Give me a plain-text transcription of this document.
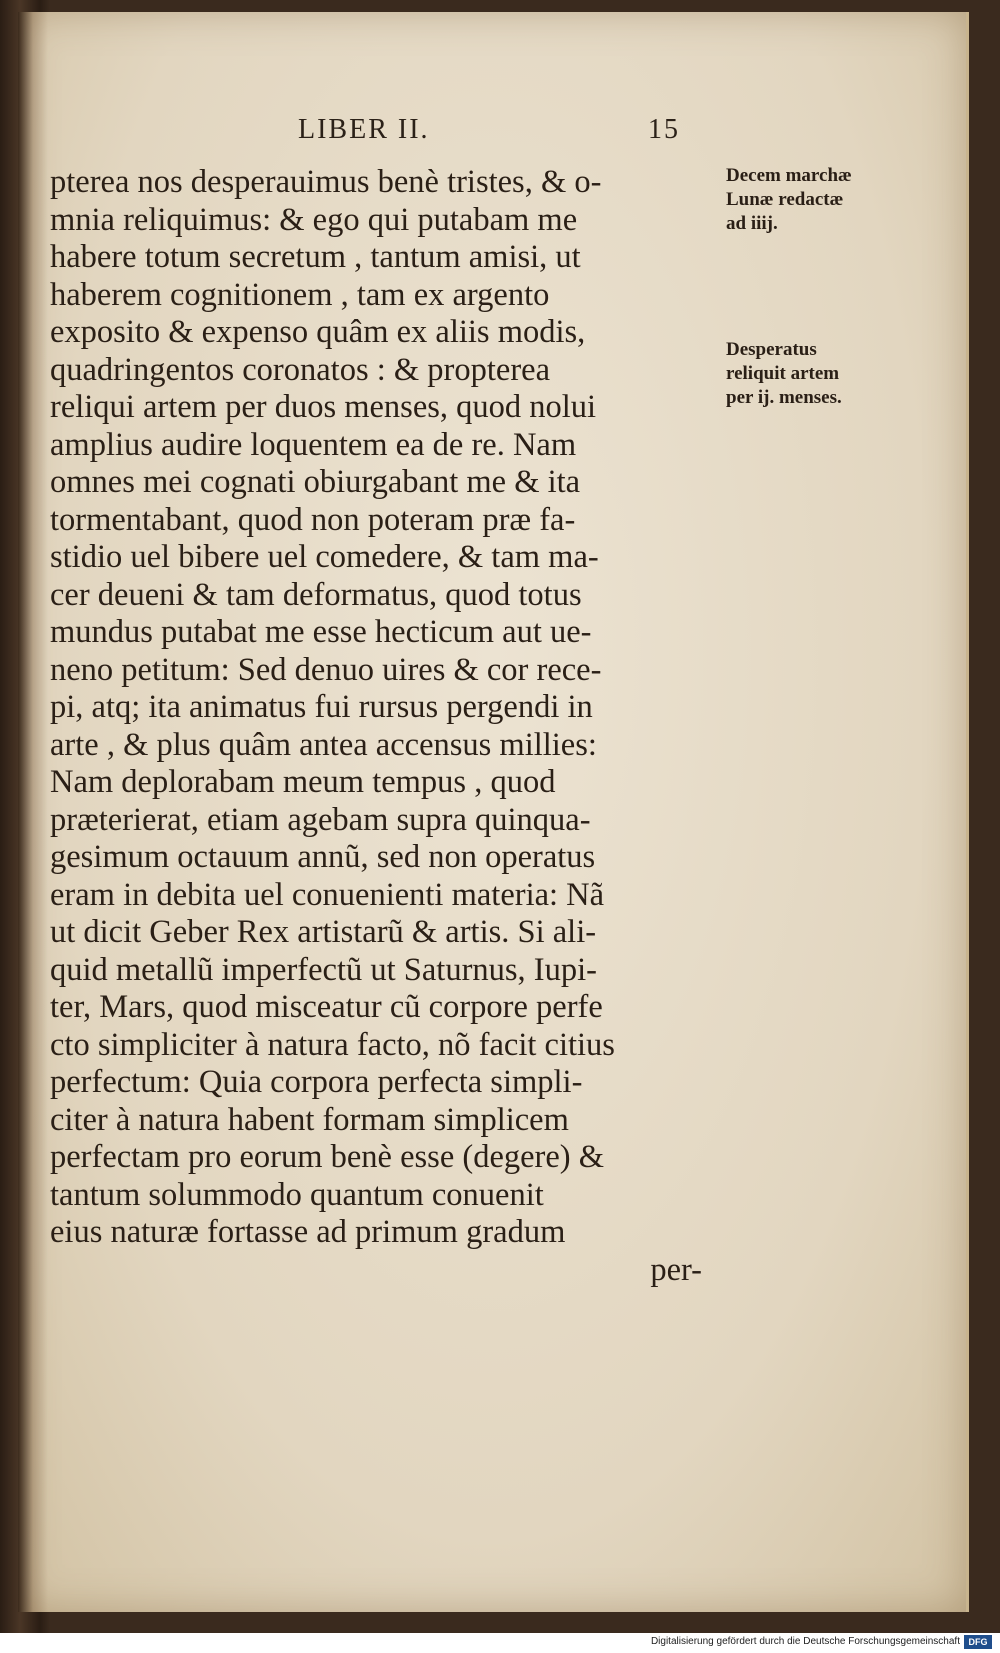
LIBER II.	15
pterea nos desperauimus benè tristes, & o-
mnia reliquimus: & ego qui putabam me
habere totum secretum , tantum amisi, ut
haberem cognitionem , tam ex argento
exposito & expenso quâm ex aliis modis,
quadringentos coronatos : & propterea
reliqui artem per duos menses, quod nolui
amplius audire loquentem ea de re. Nam
omnes mei cognati obiurgabant me & ita
tormentabant, quod non poteram præ fa-
stidio uel bibere uel comedere, & tam ma-
cer deueni & tam deformatus, quod totus
mundus putabat me esse hecticum aut ue-
neno petitum: Sed denuo uires & cor rece-
pi, atq; ita animatus fui rursus pergendi in
arte , & plus quâm antea accensus millies:
Nam deplorabam meum tempus , quod
præterierat, etiam agebam supra quinqua-
gesimum octauum annũ, sed non operatus
eram in debita uel conuenienti materia: Nã
ut dicit Geber Rex artistarũ & artis. Si ali-
quid metallũ imperfectũ ut Saturnus, Iupi-
ter, Mars, quod misceatur cũ corpore perfe
cto simpliciter à natura facto, nõ facit citius
perfectum: Quia corpora perfecta simpli-
citer à natura habent formam simplicem
perfectam pro eorum benè esse (degere) &
tantum solummodo quantum conuenit
eius naturæ fortasse ad primum gradum
per-
Decem marchæ
Lunæ redactæ
ad iiij.
Desperatus
reliquit artem
per ij. menses.
Digitalisierung gefördert durch die Deutsche Forschungsgemeinschaft DFG
